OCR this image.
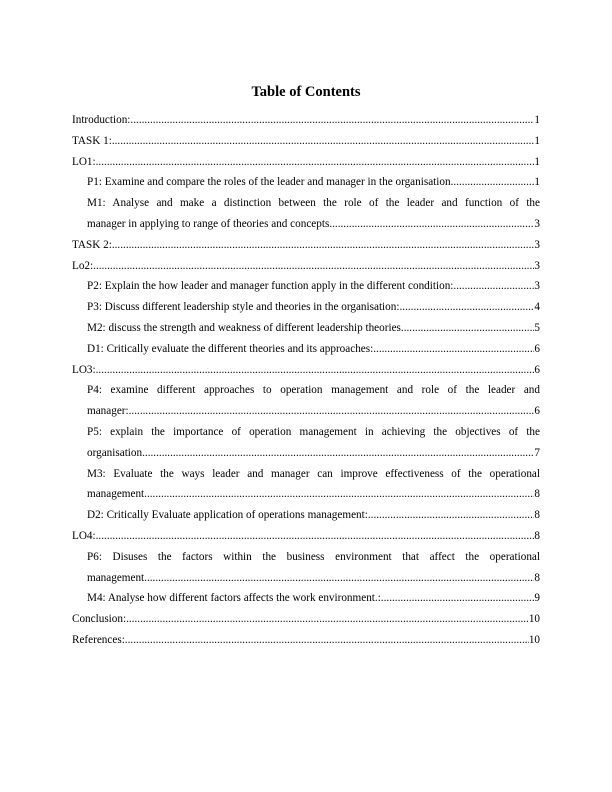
Table of Contents
Introduction: .....	1
TASK 1: .....	1
LO1: .....	1
P1: Examine and compare the roles of the leader and manager in the organisation .....	1
M1: Analyse and make a distinction between the role of the leader and function of the
manager in applying to range of theories and concepts .....	3
TASK 2: .....	3
Lo2: .....	3
P2: Explain the how leader and manager function apply in the different condition: .....	3
P3: Discuss different leadership style and theories in the organisation: .....	4
M2: discuss the strength and weakness of different leadership theories .....	5
D1: Critically evaluate the different theories and its approaches: .....	6
LO3: .....	6
P4: examine different approaches to operation management and role of the leader and
manager: .....	6
P5: explain the importance of operation management in achieving the objectives of the
organisation .....	7
M3: Evaluate the ways leader and manager can improve effectiveness of the operational
management .....	8
D2: Critically Evaluate application of operations management: .....	8
LO4: .....	8
P6: Disuses the factors within the business environment that affect the operational
management .....	8
M4: Analyse how different factors affects the work environment.: .....	9
Conclusion: .....	10
References: .....	10
